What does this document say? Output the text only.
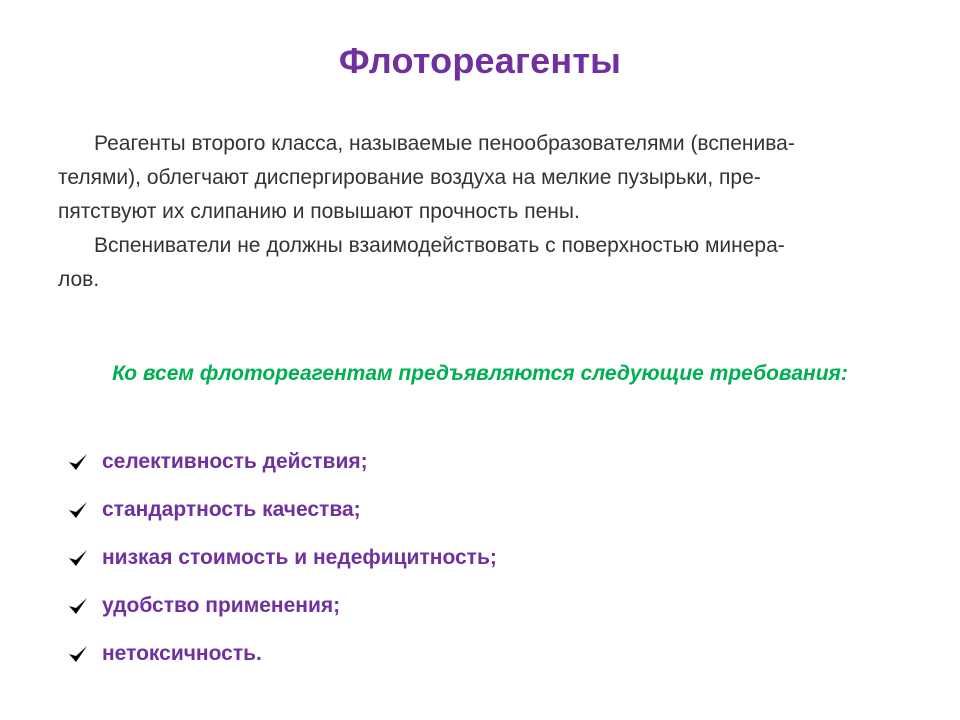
Флотореагенты

Реагенты второго класса, называемые пенообразователями (вспенива-
телями), облегчают диспергирование воздуха на мелкие пузырьки, пре-
пятствуют их слипанию и повышают прочность пены.

Вспениватели не должны взаимодействовать с поверхностью минера-
лов.

Ко всем флотореагентам предъявляются следующие требования:
селективность действия;
стандартность качества;
низкая стоимость и недефицитность;
удобство применения;
нетоксичность.
